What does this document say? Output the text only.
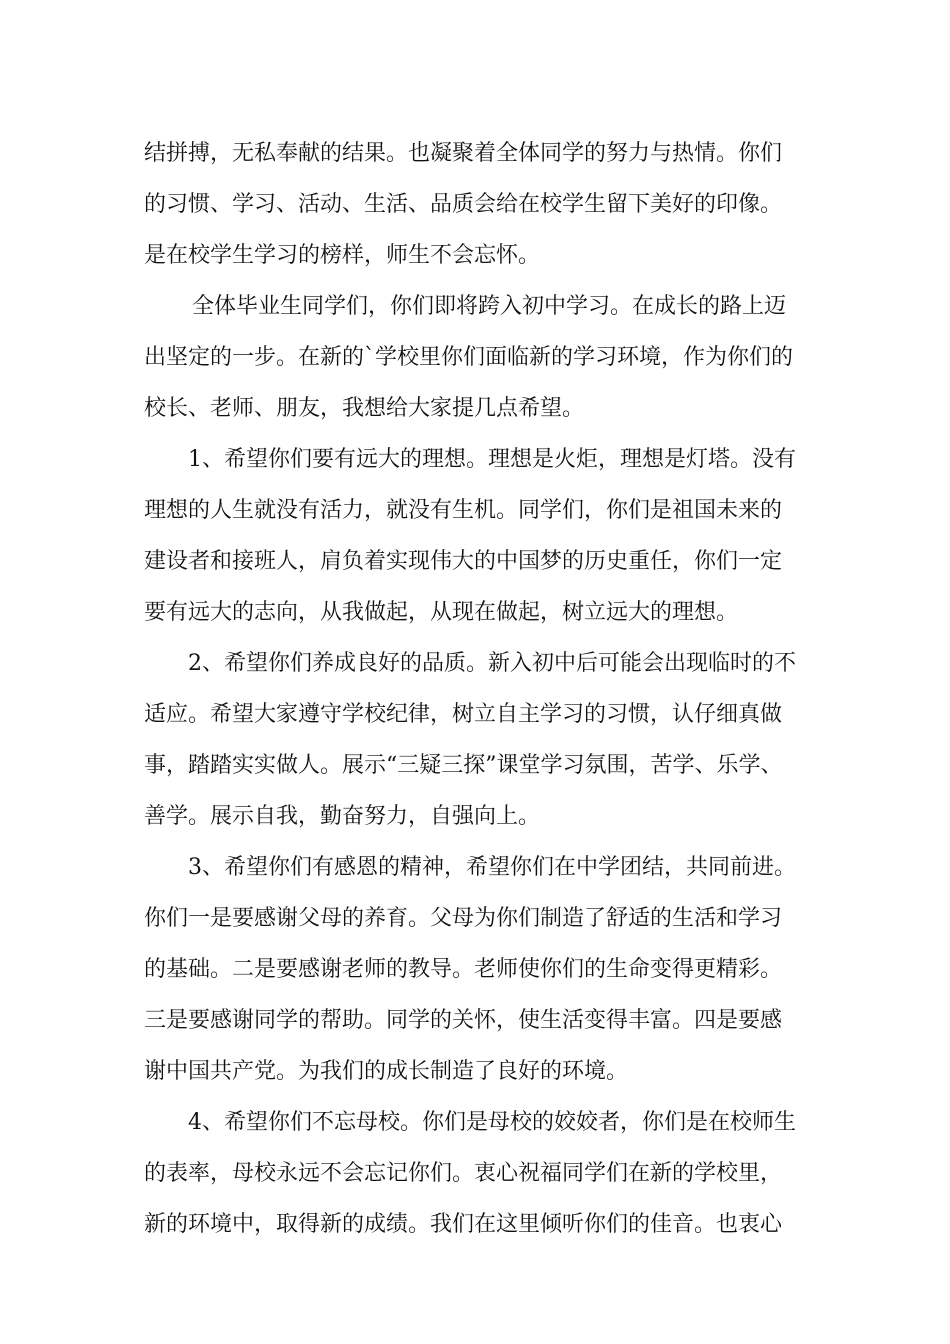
结拼搏，无私奉献的结果。也凝聚着全体同学的努力与热情。你们
的习惯、学习、活动、生活、品质会给在校学生留下美好的印像。
是在校学生学习的榜样，师生不会忘怀。
全体毕业生同学们，你们即将跨入初中学习。在成长的路上迈
出坚定的一步。在新的`学校里你们面临新的学习环境，作为你们的
校长、老师、朋友，我想给大家提几点希望。
1、希望你们要有远大的理想。理想是火炬，理想是灯塔。没有
理想的人生就没有活力，就没有生机。同学们，你们是祖国未来的
建设者和接班人，肩负着实现伟大的中国梦的历史重任，你们一定
要有远大的志向，从我做起，从现在做起，树立远大的理想。
2、希望你们养成良好的品质。新入初中后可能会出现临时的不
适应。希望大家遵守学校纪律，树立自主学习的习惯，认仔细真做
事，踏踏实实做人。展示“三疑三探”课堂学习氛围，苦学、乐学、
善学。展示自我，勤奋努力，自强向上。
3、希望你们有感恩的精神，希望你们在中学团结，共同前进。
你们一是要感谢父母的养育。父母为你们制造了舒适的生活和学习
的基础。二是要感谢老师的教导。老师使你们的生命变得更精彩。
三是要感谢同学的帮助。同学的关怀，使生活变得丰富。四是要感
谢中国共产党。为我们的成长制造了良好的环境。
4、希望你们不忘母校。你们是母校的姣姣者，你们是在校师生
的表率，母校永远不会忘记你们。衷心祝福同学们在新的学校里，
新的环境中，取得新的成绩。我们在这里倾听你们的佳音。也衷心
